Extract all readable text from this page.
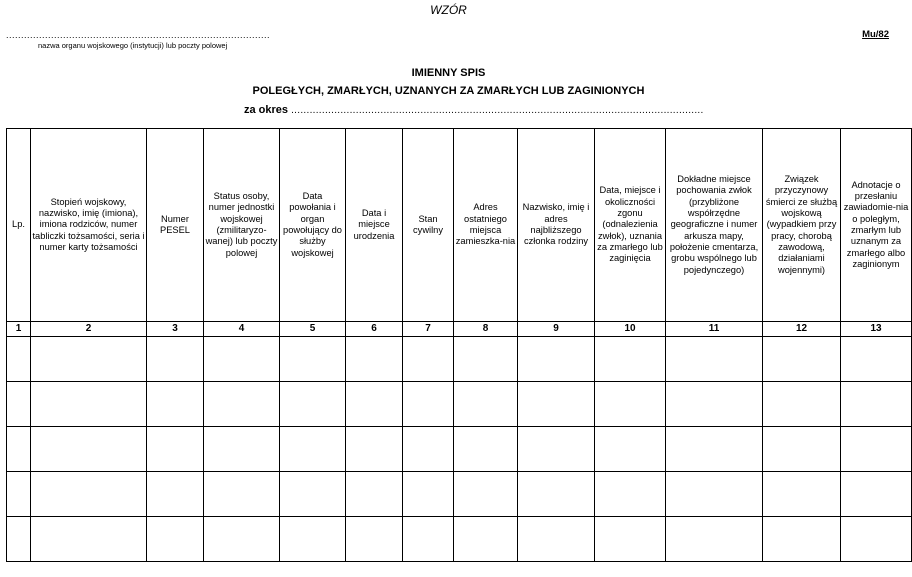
WZÓR
........................................................................................
nazwa organu wojskowego (instytucji) lub poczty polowej
Mu/82
IMIENNY SPIS
POLEGŁYCH, ZMARŁYCH, UZNANYCH ZA ZMARŁYCH LUB ZAGINIONYCH
za okres ......................................................................................................................................
Lp.	Stopień wojskowy, nazwisko, imię (imiona), imiona rodziców, numer tabliczki tożsamości, seria i numer karty tożsamości	Numer PESEL	Status osoby, numer jednostki wojskowej (zmilitaryzo-wanej) lub poczty polowej	Data powołania i organ powołujący do służby wojskowej	Data i miejsce urodzenia	Stan cywilny	Adres ostatniego miejsca zamieszka-nia	Nazwisko, imię i adres najbliższego członka rodziny	Data, miejsce i okoliczności zgonu (odnalezienia zwłok), uznania za zmarłego lub zaginięcia	Dokładne miejsce pochowania zwłok (przybliżone współrzędne geograficzne i numer arkusza mapy, położenie cmentarza, grobu wspólnego lub pojedynczego)	Związek przyczynowy śmierci ze służbą wojskową (wypadkiem przy pracy, chorobą zawodową, działaniami wojennymi)	Adnotacje o przesłaniu zawiadomie-nia o poległym, zmarłym lub uznanym za zmarłego albo zaginionym
1	2	3	4	5	6	7	8	9	10	11	12	13
